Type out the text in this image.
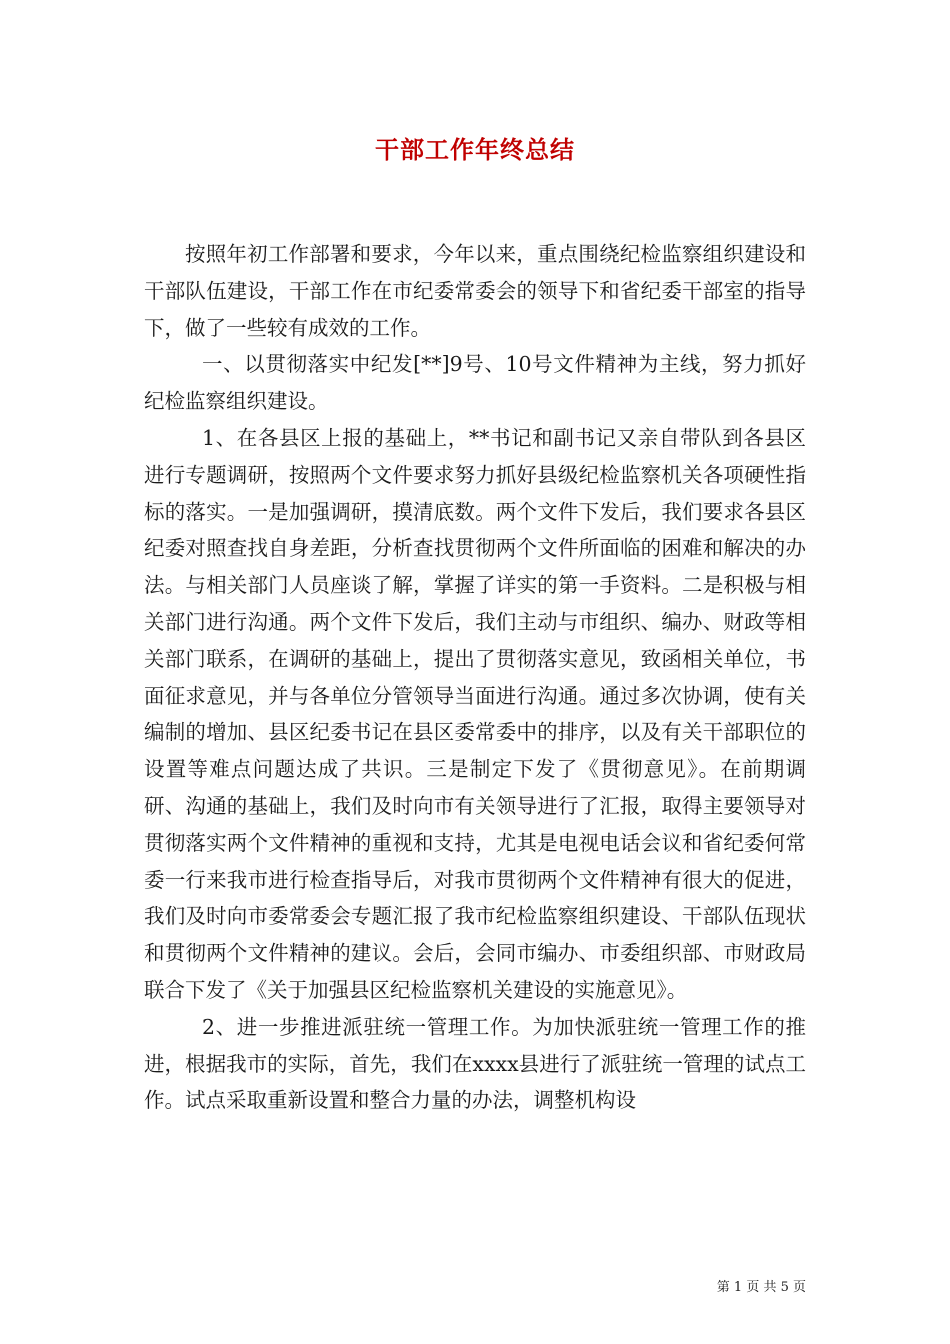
干部工作年终总结

按照年初工作部署和要求，今年以来，重点围绕纪检监察组织建设和干部队伍建设，干部工作在市纪委常委会的领导下和省纪委干部室的指导下，做了一些较有成效的工作。

一、以贯彻落实中纪发[**]9号、10号文件精神为主线，努力抓好纪检监察组织建设。

1、在各县区上报的基础上，**书记和副书记又亲自带队到各县区进行专题调研，按照两个文件要求努力抓好县级纪检监察机关各项硬性指标的落实。一是加强调研，摸清底数。两个文件下发后，我们要求各县区纪委对照查找自身差距，分析查找贯彻两个文件所面临的困难和解决的办法。与相关部门人员座谈了解，掌握了详实的第一手资料。二是积极与相关部门进行沟通。两个文件下发后，我们主动与市组织、编办、财政等相关部门联系，在调研的基础上，提出了贯彻落实意见，致函相关单位，书面征求意见，并与各单位分管领导当面进行沟通。通过多次协调，使有关编制的增加、县区纪委书记在县区委常委中的排序，以及有关干部职位的设置等难点问题达成了共识。三是制定下发了《贯彻意见》。在前期调研、沟通的基础上，我们及时向市有关领导进行了汇报，取得主要领导对贯彻落实两个文件精神的重视和支持，尤其是电视电话会议和省纪委何常委一行来我市进行检查指导后，对我市贯彻两个文件精神有很大的促进，我们及时向市委常委会专题汇报了我市纪检监察组织建设、干部队伍现状和贯彻两个文件精神的建议。会后，会同市编办、市委组织部、市财政局联合下发了《关于加强县区纪检监察机关建设的实施意见》。

2、进一步推进派驻统一管理工作。为加快派驻统一管理工作的推进，根据我市的实际，首先，我们在xxxx县进行了派驻统一管理的试点工作。试点采取重新设置和整合力量的办法，调整机构设

第 1 页 共 5 页
